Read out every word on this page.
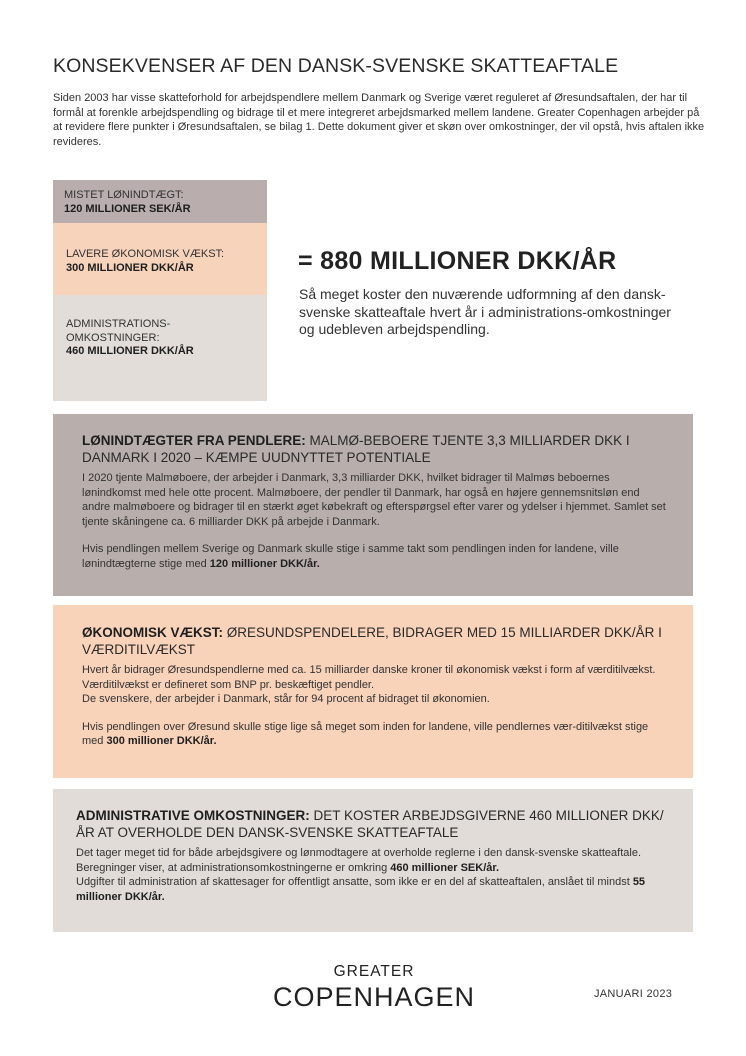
KONSEKVENSER AF DEN DANSK-SVENSKE SKATTEAFTALE
Siden 2003 har visse skatteforhold for arbejdspendlere mellem Danmark og Sverige været reguleret af Øresundsaftalen, der har til formål at forenkle arbejdspendling og bidrage til et mere integreret arbejdsmarked mellem landene. Greater Copenhagen arbejder på at revidere flere punkter i Øresundsaftalen, se bilag 1. Dette dokument giver et skøn over omkostninger, der vil opstå, hvis aftalen ikke revideres.
MISTET LØNINDTÆGT:
120 MILLIONER SEK/ÅR
LAVERE ØKONOMISK VÆKST:
300 MILLIONER DKK/ÅR
ADMINISTRATIONS-OMKOSTNINGER:
460 MILLIONER DKK/ÅR
= 880 MILLIONER DKK/ÅR
Så meget koster den nuværende udformning af den dansk-svenske skatteaftale hvert år i administrations-omkostninger og udebleven arbejdspendling.

LØNINDTÆGTER FRA PENDLERE: MALMØ-BEBOERE TJENTE 3,3 MILLIARDER DKK I DANMARK I 2020 – KÆMPE UUDNYTTET POTENTIALE

I 2020 tjente Malmøboere, der arbejder i Danmark, 3,3 milliarder DKK, hvilket bidrager til Malmøs beboernes lønindkomst med hele otte procent. Malmøboere, der pendler til Danmark, har også en højere gennemsnitsløn end andre malmøboere og bidrager til en stærkt øget købekraft og efterspørgsel efter varer og ydelser i hjemmet. Samlet set tjente skåningene ca. 6 milliarder DKK på arbejde i Danmark.

Hvis pendlingen mellem Sverige og Danmark skulle stige i samme takt som pendlingen inden for landene, ville lønindtægterne stige med 120 millioner DKK/år.

ØKONOMISK VÆKST: ØRESUNDSPENDELERE, BIDRAGER MED 15 MILLIARDER DKK/ÅR I VÆRDITILVÆKST

Hvert år bidrager Øresundspendlerne med ca. 15 milliarder danske kroner til økonomisk vækst i form af værditilvækst. Værditilvækst er defineret som BNP pr. beskæftiget pendler.

De svenskere, der arbejder i Danmark, står for 94 procent af bidraget til økonomien.

Hvis pendlingen over Øresund skulle stige lige så meget som inden for landene, ville pendlernes vær-ditilvækst stige med 300 millioner DKK/år.

ADMINISTRATIVE OMKOSTNINGER: DET KOSTER ARBEJDSGIVERNE 460 MILLIONER DKK/ÅR AT OVERHOLDE DEN DANSK-SVENSKE SKATTEAFTALE

Det tager meget tid for både arbejdsgivere og lønmodtagere at overholde reglerne i den dansk-svenske skatteaftale. Beregninger viser, at administrationsomkostningerne er omkring 460 millioner SEK/år.

Udgifter til administration af skattesager for offentligt ansatte, som ikke er en del af skatteaftalen, anslået til mindst 55 millioner DKK/år.

GREATER
COPENHAGEN	JANUARI 2023
